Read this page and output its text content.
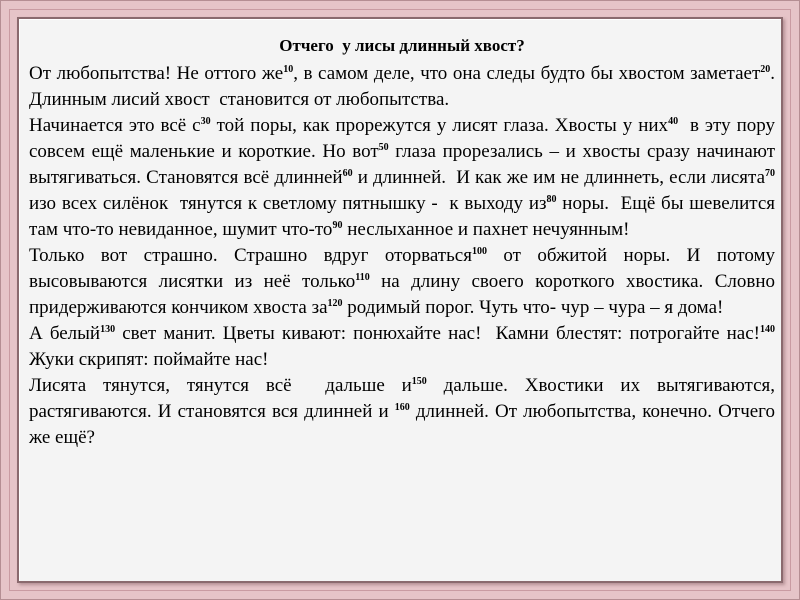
Отчего  у лисы длинный хвост?

От любопытства! Не оттого $же^{10}$, в самом деле, что она следы будто бы хвостом заметает$^{20}$. Длинным лисий хвост  становится от любопытства.

Начинается это всё $с^{30}$ той поры, как прорежутся у лисят глаза. Хвосты у них$^{40}$  в эту пору совсем ещё маленькие и короткие. Но вот$^{50}$ глаза прорезались – и хвосты сразу начинают вытягиваться. Становятся всё длинней$^{60}$ и длинней.  И как же им не длиннеть, если лисята$^{70}$ изо всех силёнок  тянутся к светлому пятнышку -  к выходу $из^{80}$ норы.  Ещё бы шевелится там что-то невиданное, шумит что-$то^{90}$ неслыханное и пахнет нечуянным!

Только вот страшно. Страшно вдруг оторваться$^{100}$ от обжитой норы. И потому высовываются лисятки из неё только$^{110}$ на длину своего короткого хвостика. Словно придерживаются кончиком хвоста $за^{120}$ родимый порог. Чуть что- чур – чура – я дома!

А белый$^{130}$ свет манит. Цветы кивают: понюхайте нас!  Камни блестят: потрогайте нас!$^{140}$ Жуки скрипят: поймайте нас!

Лисята тянутся, тянутся всё  дальше $и^{150}$ дальше. Хвостики их вытягиваются, растягиваются. И становятся вся длинней и $^{160}$ длинней. От любопытства, конечно. Отчего же ещё?
